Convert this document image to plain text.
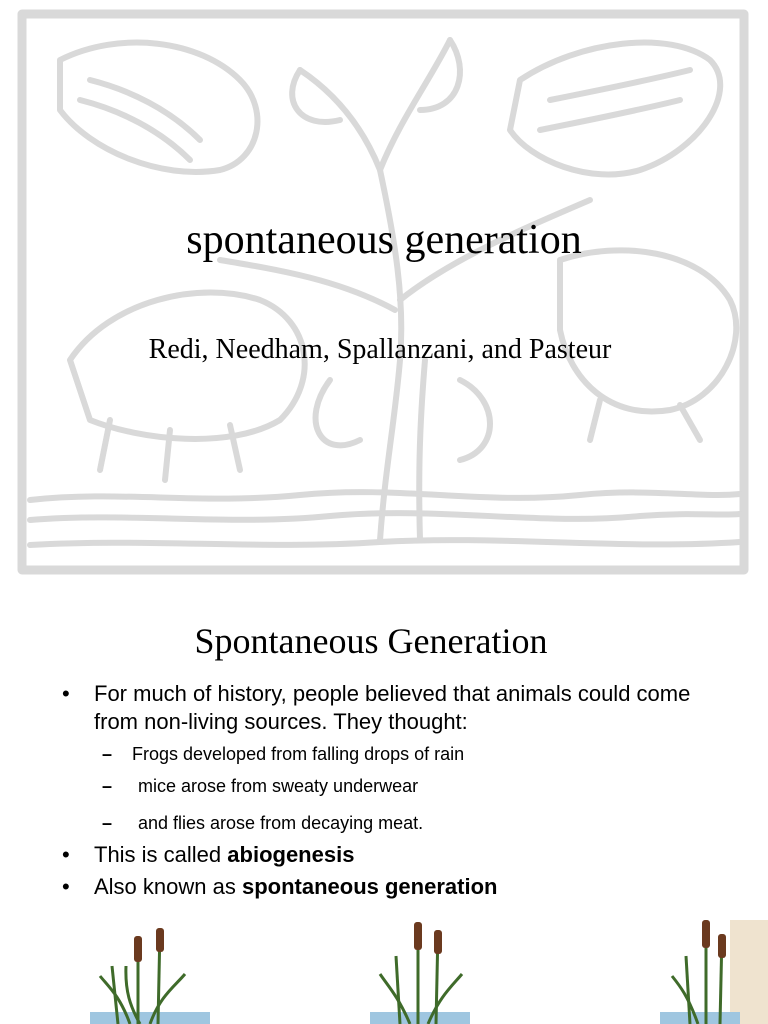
spontaneous generation
Redi, Needham, Spallanzani, and Pasteur
Spontaneous Generation
• For much of history, people believed that animals could come
from non-living sources. They thought:
– Frogs developed from falling drops of rain
– mice arose from sweaty underwear
– and flies arose from decaying meat.
• This is called abiogenesis
• Also known as spontaneous generation
